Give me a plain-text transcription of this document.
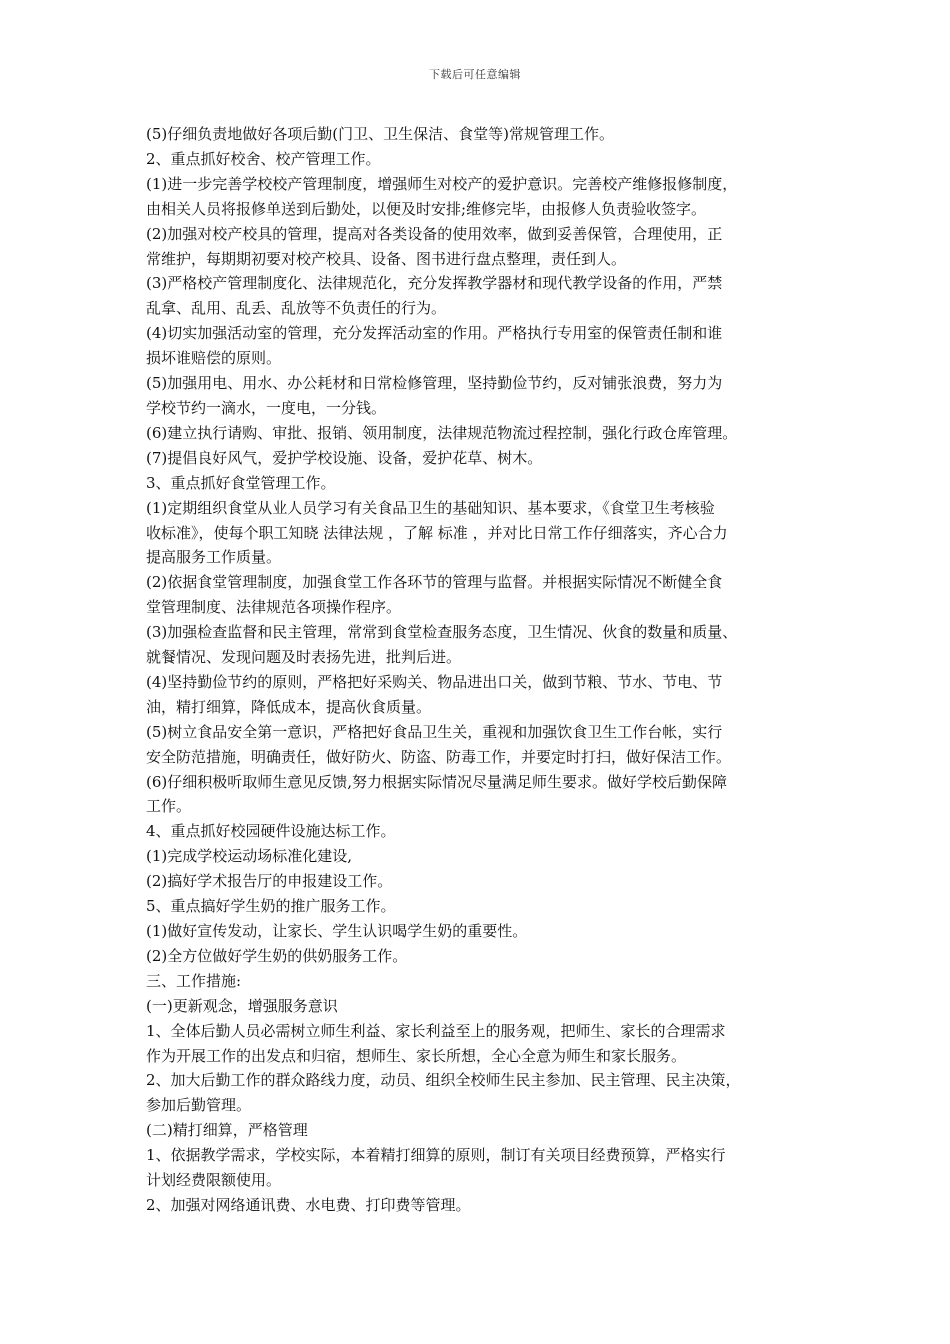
下载后可任意编辑
(5)仔细负责地做好各项后勤(门卫、卫生保洁、食堂等)常规管理工作。
2、重点抓好校舍、校产管理工作。
(1)进一步完善学校校产管理制度，增强师生对校产的爱护意识。完善校产维修报修制度，
由相关人员将报修单送到后勤处，以便及时安排;维修完毕，由报修人负责验收签字。
(2)加强对校产校具的管理，提高对各类设备的使用效率，做到妥善保管，合理使用，正
常维护，每期期初要对校产校具、设备、图书进行盘点整理，责任到人。
(3)严格校产管理制度化、法律规范化，充分发挥教学器材和现代教学设备的作用，严禁
乱拿、乱用、乱丢、乱放等不负责任的行为。
(4)切实加强活动室的管理，充分发挥活动室的作用。严格执行专用室的保管责任制和谁
损坏谁赔偿的原则。
(5)加强用电、用水、办公耗材和日常检修管理，坚持勤俭节约，反对铺张浪费，努力为
学校节约一滴水，一度电，一分钱。
(6)建立执行请购、审批、报销、领用制度，法律规范物流过程控制，强化行政仓库管理。
(7)提倡良好风气，爱护学校设施、设备，爱护花草、树木。
3、重点抓好食堂管理工作。
(1)定期组织食堂从业人员学习有关食品卫生的基础知识、基本要求，《食堂卫生考核验
收标准》，使每个职工知晓 法律法规 ，了解 标准 ，并对比日常工作仔细落实，齐心合力
提高服务工作质量。
(2)依据食堂管理制度，加强食堂工作各环节的管理与监督。并根据实际情况不断健全食
堂管理制度、法律规范各项操作程序。
(3)加强检查监督和民主管理，常常到食堂检查服务态度，卫生情况、伙食的数量和质量、
就餐情况、发现问题及时表扬先进，批判后进。
(4)坚持勤俭节约的原则，严格把好采购关、物品进出口关，做到节粮、节水、节电、节
油，精打细算，降低成本，提高伙食质量。
(5)树立食品安全第一意识，严格把好食品卫生关，重视和加强饮食卫生工作台帐，实行
安全防范措施，明确责任，做好防火、防盗、防毒工作，并要定时打扫，做好保洁工作。
(6)仔细积极听取师生意见反馈,努力根据实际情况尽量满足师生要求。做好学校后勤保障
工作。
4、重点抓好校园硬件设施达标工作。
(1)完成学校运动场标准化建设,
(2)搞好学术报告厅的申报建设工作。
5、重点搞好学生奶的推广服务工作。
(1)做好宣传发动，让家长、学生认识喝学生奶的重要性。
(2)全方位做好学生奶的供奶服务工作。
三、工作措施:
(一)更新观念，增强服务意识
1、全体后勤人员必需树立师生利益、家长利益至上的服务观，把师生、家长的合理需求
作为开展工作的出发点和归宿，想师生、家长所想，全心全意为师生和家长服务。
2、加大后勤工作的群众路线力度，动员、组织全校师生民主参加、民主管理、民主决策，
参加后勤管理。
(二)精打细算，严格管理
1、依据教学需求，学校实际，本着精打细算的原则，制订有关项目经费预算，严格实行
计划经费限额使用。
2、加强对网络通讯费、水电费、打印费等管理。
